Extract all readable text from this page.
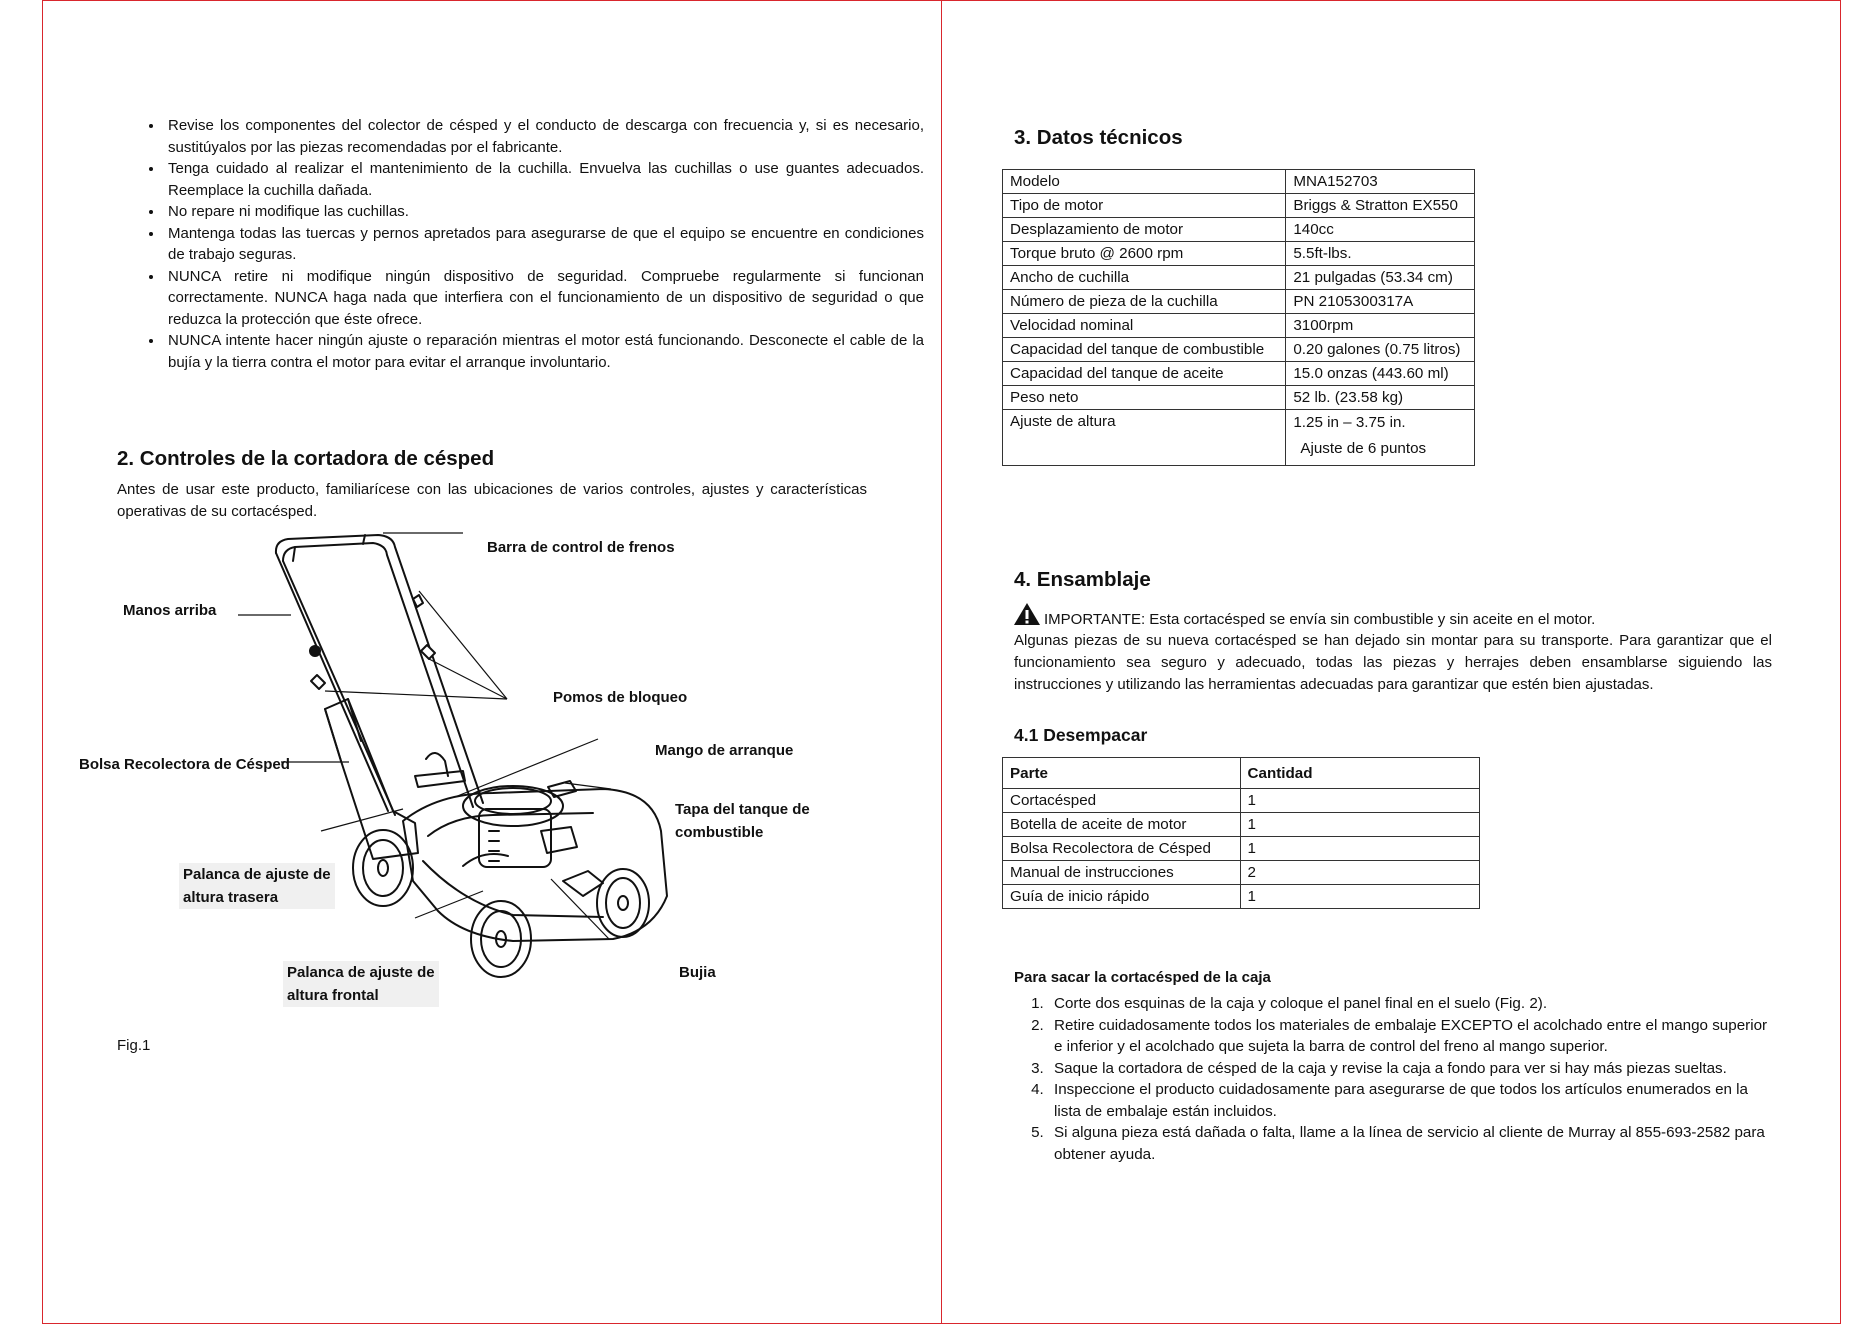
• Revise los componentes del colector de césped y el conducto de descarga con frecuencia y, si es necesario, sustitúyalos por las piezas recomendadas por el fabricante.
• Tenga cuidado al realizar el mantenimiento de la cuchilla. Envuelva las cuchillas o use guantes adecuados. Reemplace la cuchilla dañada.
• No repare ni modifique las cuchillas.
• Mantenga todas las tuercas y pernos apretados para asegurarse de que el equipo se encuentre en condiciones de trabajo seguras.
• NUNCA retire ni modifique ningún dispositivo de seguridad. Compruebe regularmente si funcionan correctamente. NUNCA haga nada que interfiera con el funcionamiento de un dispositivo de seguridad o que reduzca la protección que éste ofrece.
• NUNCA intente hacer ningún ajuste o reparación mientras el motor está funcionando. Desconecte el cable de la bujía y la tierra contra el motor para evitar el arranque involuntario.
2. Controles de la cortadora de césped
Antes de usar este producto, familiarícese con las ubicaciones de varios controles, ajustes y características operativas de su cortacésped.
Barra de control de frenos
Manos arriba
Pomos de bloqueo
Bolsa Recolectora de Césped
Mango de arranque
Tapa del tanque de
combustible
Palanca de ajuste de
altura trasera
Palanca de ajuste de
altura frontal
Bujia
Fig.1
3. Datos técnicos
Modelo	MNA152703
Tipo de motor	Briggs & Stratton EX550
Desplazamiento de motor	140cc
Torque bruto @ 2600 rpm	5.5ft-lbs.
Ancho de cuchilla	21 pulgadas (53.34 cm)
Número de pieza de la cuchilla	PN 2105300317A
Velocidad nominal	3100rpm
Capacidad del tanque de combustible	0.20 galones (0.75 litros)
Capacidad del tanque de aceite	15.0 onzas (443.60 ml)
Peso neto	52 lb. (23.58 kg)
Ajuste de altura	1.25 in – 3.75 in.
Ajuste de 6 puntos
4. Ensamblaje
IMPORTANTE: Esta cortacésped se envía sin combustible y sin aceite en el motor.
Algunas piezas de su nueva cortacésped se han dejado sin montar para su transporte. Para garantizar que el funcionamiento sea seguro y adecuado, todas las piezas y herrajes deben ensamblarse siguiendo las instrucciones y utilizando las herramientas adecuadas para garantizar que estén bien ajustadas.
4.1 Desempacar
Parte	Cantidad
Cortacésped	1
Botella de aceite de motor	1
Bolsa Recolectora de Césped	1
Manual de instrucciones	2
Guía de inicio rápido	1
Para sacar la cortacésped de la caja
1. Corte dos esquinas de la caja y coloque el panel final en el suelo (Fig. 2).
2. Retire cuidadosamente todos los materiales de embalaje EXCEPTO el acolchado entre el mango superior e inferior y el acolchado que sujeta la barra de control del freno al mango superior.
3. Saque la cortadora de césped de la caja y revise la caja a fondo para ver si hay más piezas sueltas.
4. Inspeccione el producto cuidadosamente para asegurarse de que todos los artículos enumerados en la lista de embalaje están incluidos.
5. Si alguna pieza está dañada o falta, llame a la línea de servicio al cliente de Murray al 855-693-2582 para obtener ayuda.
